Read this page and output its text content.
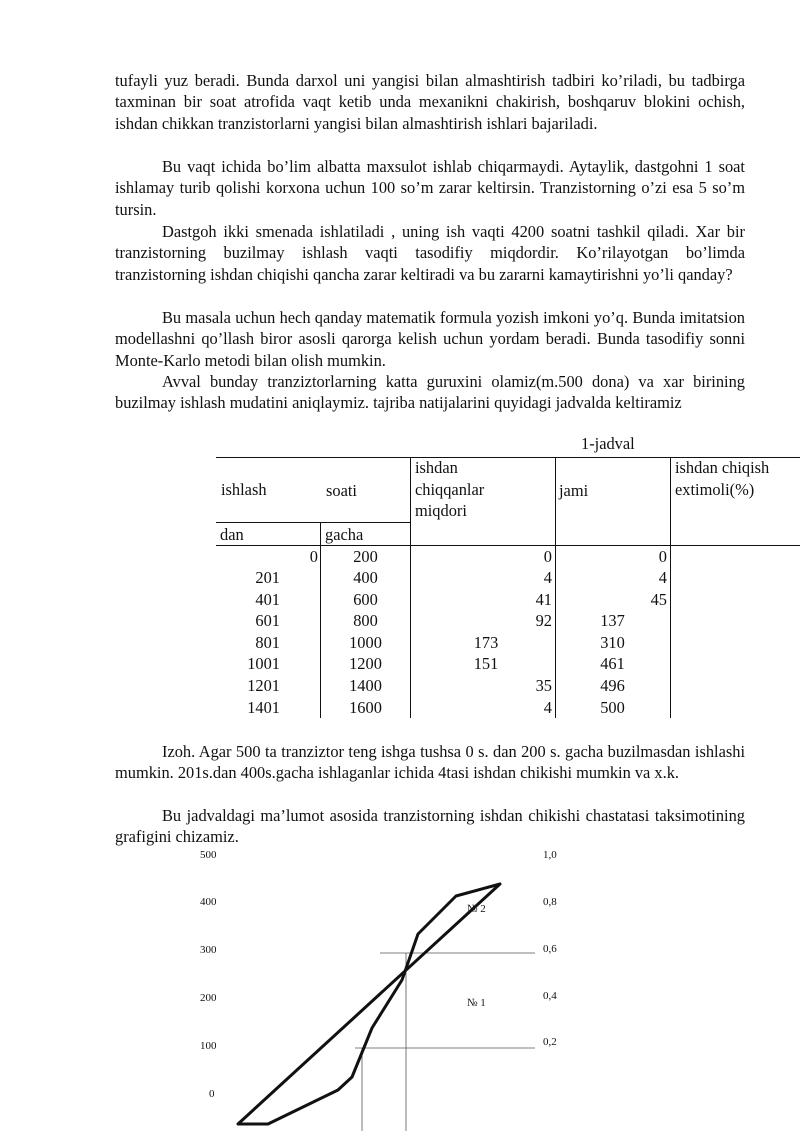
tufayli yuz beradi. Bunda darxol uni yangisi bilan almashtirish tadbiri ko’riladi, bu tadbirga taxminan bir soat atrofida vaqt ketib unda mexanikni chakirish, boshqaruv blokini ochish, ishdan chikkan tranzistorlarni yangisi bilan almashtirish ishlari bajariladi.

Bu vaqt ichida bo’lim albatta maxsulot ishlab chiqarmaydi. Aytaylik, dastgohni 1 soat ishlamay turib qolishi korxona uchun 100 so’m zarar keltirsin. Tranzistorning o’zi esa 5 so’m tursin.

Dastgoh ikki smenada ishlatiladi , uning ish vaqti 4200 soatni tashkil qiladi. Xar bir tranzistorning buzilmay ishlash vaqti tasodifiy miqdordir. Ko’rilayotgan bo’limda tranzistorning ishdan chiqishi qancha zarar keltiradi va bu zararni kamaytirishni yo’li qanday?

Bu masala uchun hech qanday matematik formula yozish imkoni yo’q. Bunda imitatsion modellashni qo’llash biror asosli qarorga kelish uchun yordam beradi. Bunda tasodifiy sonni Monte-Karlo metodi bilan olish mumkin.

Avval bunday tranziztorlarning katta guruxini olamiz(m.500 dona) va xar birining buzilmay ishlash mudatini aniqlaymiz. tajriba natijalarini quyidagi jadvalda keltiramiz

1-jadval
ishlash	soati
ishdan
chiqqanlar
miqdori
jami
ishdan chiqish
extimoli(%)
dan	gacha
0	200	0	0
201	400	4	4
401	600	41	45
601	800	92	137
801	1000	173	310
1001	1200	151	461
1201	1400	35	496
1401	1600	4	500

Izoh. Agar 500 ta tranziztor teng ishga tushsa 0 s. dan 200 s. gacha buzilmasdan ishlashi mumkin. 201s.dan 400s.gacha ishlaganlar ichida 4tasi ishdan chikishi mumkin va x.k.

Bu jadvaldagi ma’lumot asosida tranzistorning ishdan chikishi chastatasi taksimotining grafigini chizamiz.

500
400
300
200
100
0
1,0
0,8
0,6
0,4
0,2
№ 2
№ 1
